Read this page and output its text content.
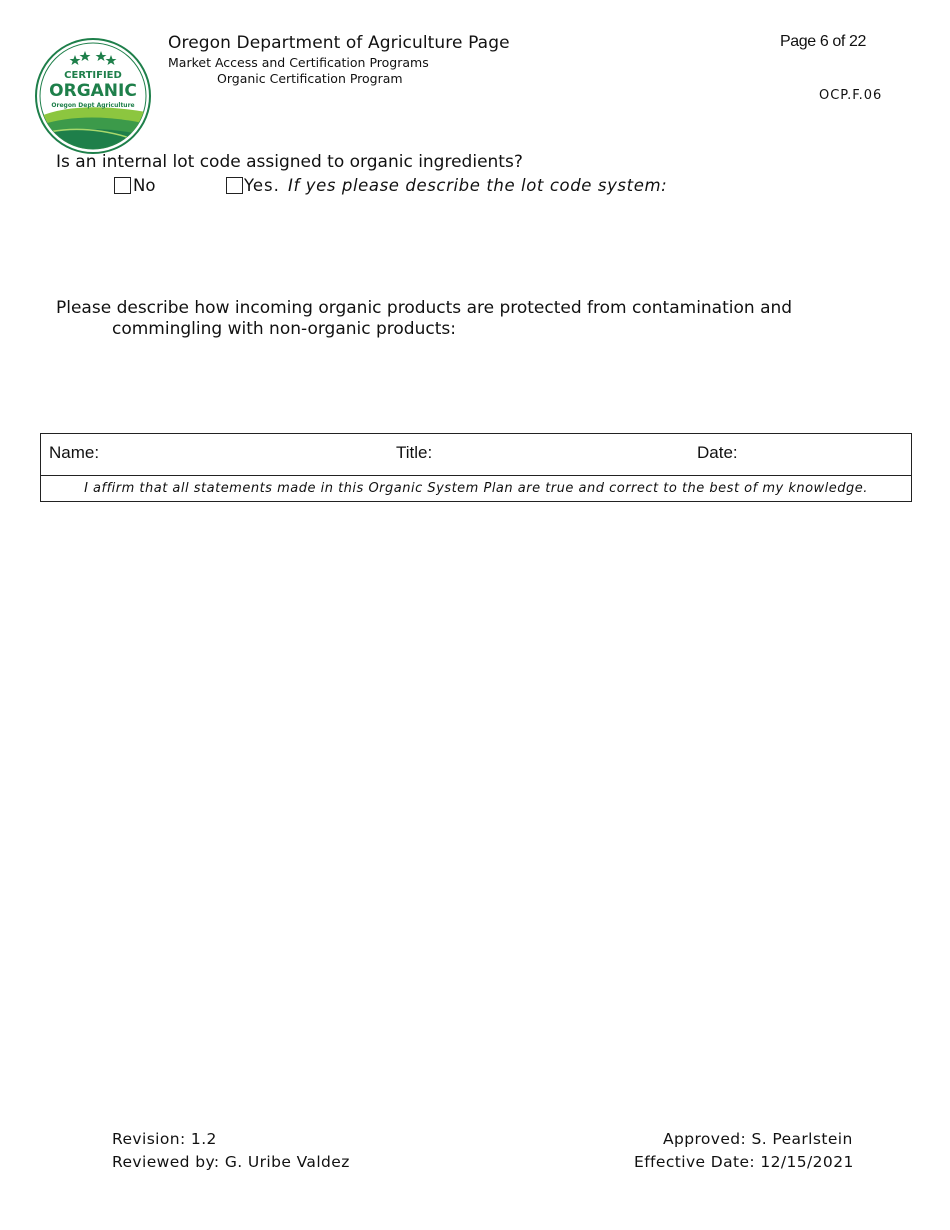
CERTIFIED
ORGANIC
Oregon Dept Agriculture
Oregon Department of Agriculture Page
Market Access and Certification Programs
Organic Certification Program
Page 6 of 22
OCP.F.06
Is an internal lot code assigned to organic ingredients?
No	Yes. If yes please describe the lot code system:
Please describe how incoming organic products are protected from contamination and
commingling with non-organic products:
Name:	Title:	Date:
I affirm that all statements made in this Organic System Plan are true and correct to the best of my knowledge.
Revision: 1.2
Reviewed by: G. Uribe Valdez
Approved: S. Pearlstein
Effective Date: 12/15/2021
